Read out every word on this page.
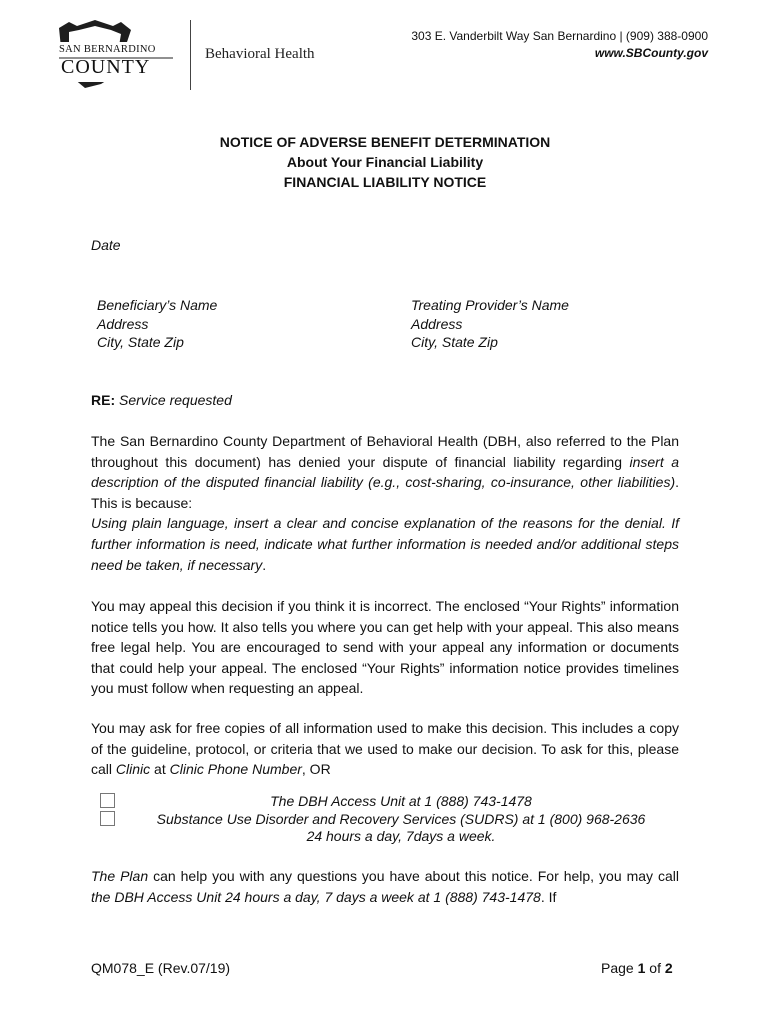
SAN BERNARDINO
COUNTY
Behavioral Health
303 E. Vanderbilt Way San Bernardino | (909) 388-0900
www.SBCounty.gov
NOTICE OF ADVERSE BENEFIT DETERMINATION
About Your Financial Liability
FINANCIAL LIABILITY NOTICE
Date
Beneficiary’s Name
Address
City, State Zip
Treating Provider’s Name
Address
City, State Zip
RE: Service requested
The San Bernardino County Department of Behavioral Health (DBH, also referred to the Plan throughout this document) has denied your dispute of financial liability regarding insert a description of the disputed financial liability (e.g., cost-sharing, co-insurance, other liabilities). This is because:
Using plain language, insert a clear and concise explanation of the reasons for the denial. If further information is need, indicate what further information is needed and/or additional steps need be taken, if necessary.
You may appeal this decision if you think it is incorrect. The enclosed “Your Rights” information notice tells you how. It also tells you where you can get help with your appeal. This also means free legal help. You are encouraged to send with your appeal any information or documents that could help your appeal. The enclosed “Your Rights” information notice provides timelines you must follow when requesting an appeal.
You may ask for free copies of all information used to make this decision. This includes a copy of the guideline, protocol, or criteria that we used to make our decision. To ask for this, please call Clinic at Clinic Phone Number, OR
The DBH Access Unit at 1 (888) 743-1478
Substance Use Disorder and Recovery Services (SUDRS) at 1 (800) 968-2636
24 hours a day, 7days a week.
The Plan can help you with any questions you have about this notice. For help, you may call the DBH Access Unit 24 hours a day, 7 days a week at 1 (888) 743-1478. If
QM078_E (Rev.07/19)	Page 1 of 2
